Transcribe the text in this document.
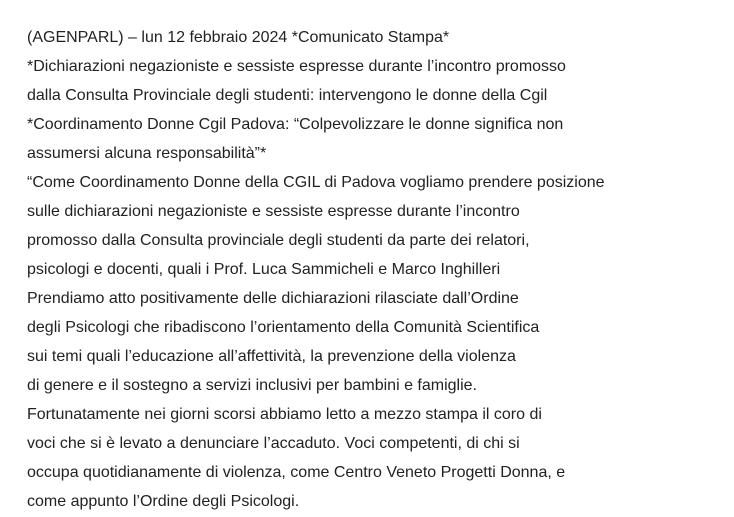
(AGENPARL) – lun 12 febbraio 2024 *Comunicato Stampa*
*Dichiarazioni negazioniste e sessiste espresse durante l’incontro promosso
dalla Consulta Provinciale degli studenti: intervengono le donne della Cgil
*Coordinamento Donne Cgil Padova: “Colpevolizzare le donne significa non
assumersi alcuna responsabilità”*
“Come Coordinamento Donne della CGIL di Padova vogliamo prendere posizione
sulle dichiarazioni negazioniste e sessiste espresse durante l’incontro
promosso dalla Consulta provinciale degli studenti da parte dei relatori,
psicologi e docenti, quali i Prof. Luca Sammicheli e Marco Inghilleri
Prendiamo atto positivamente delle dichiarazioni rilasciate dall’Ordine
degli Psicologi che ribadiscono l’orientamento della Comunità Scientifica
sui temi quali l’educazione all’affettività, la prevenzione della violenza
di genere e il sostegno a servizi inclusivi per bambini e famiglie.
Fortunatamente nei giorni scorsi abbiamo letto a mezzo stampa il coro di
voci che si è levato a denunciare l’accaduto. Voci competenti, di chi si
occupa quotidianamente di violenza, come Centro Veneto Progetti Donna, e
come appunto l’Ordine degli Psicologi.
